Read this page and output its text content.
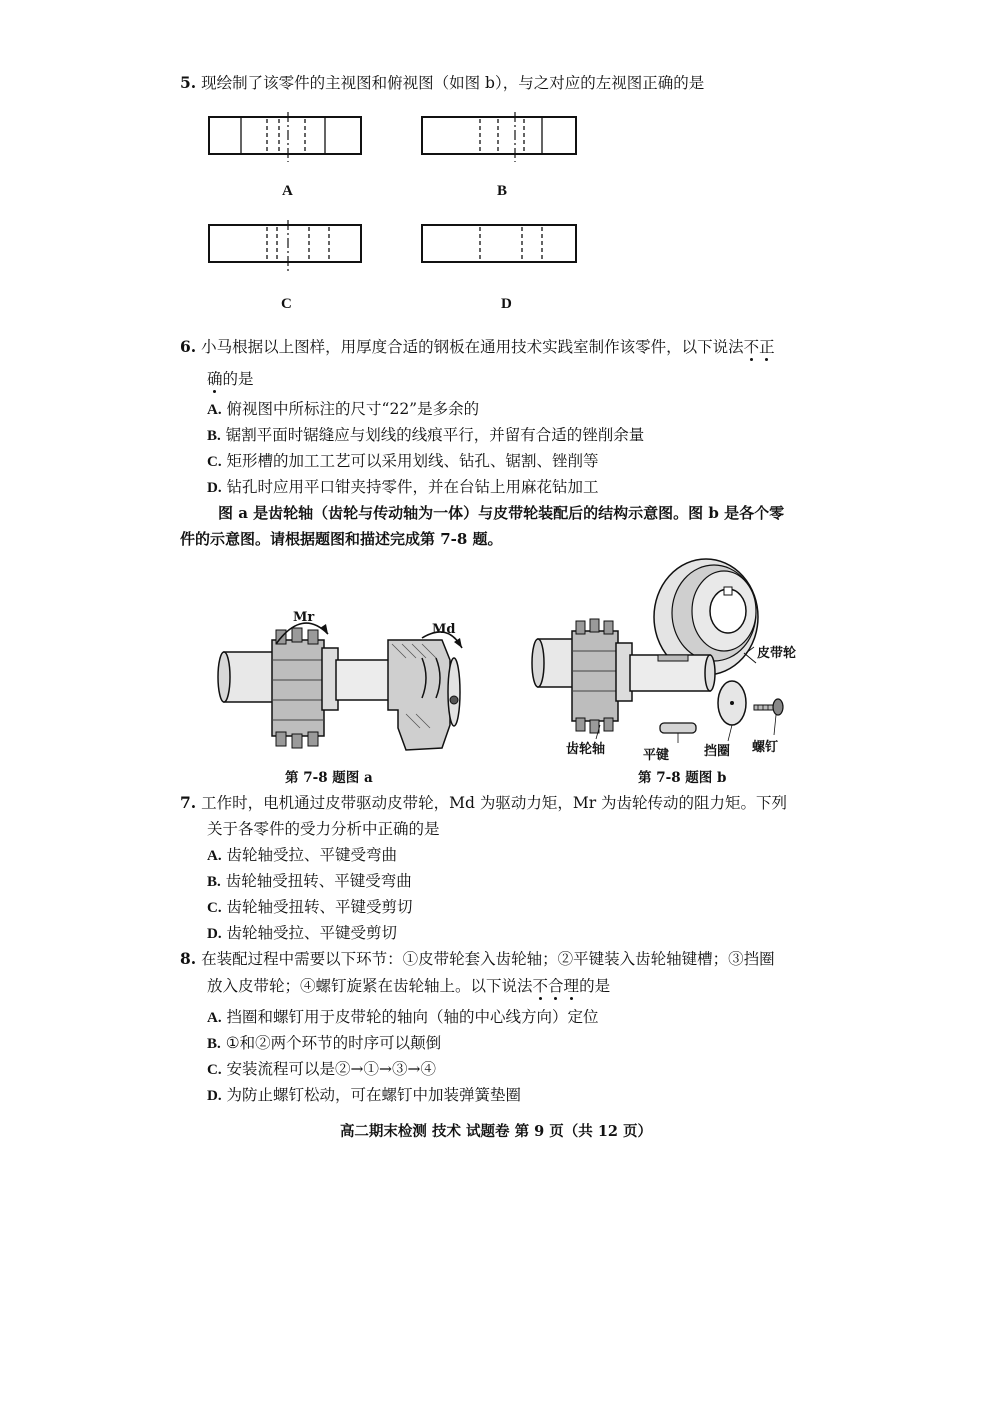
5. 现绘制了该零件的主视图和俯视图（如图 b），与之对应的左视图正确的是
A	B
C	D
6. 小马根据以上图样，用厚度合适的钢板在通用技术实践室制作该零件，以下说法不正
确的是
A. 俯视图中所标注的尺寸“22”是多余的
B. 锯割平面时锯缝应与划线的线痕平行，并留有合适的锉削余量
C. 矩形槽的加工工艺可以采用划线、钻孔、锯割、锉削等
D. 钻孔时应用平口钳夹持零件，并在台钻上用麻花钻加工
图 a 是齿轮轴（齿轮与传动轴为一体）与皮带轮装配后的结构示意图。图 b 是各个零
件的示意图。请根据题图和描述完成第 7-8 题。
Mr
Md
第 7-8 题图 a
皮带轮
齿轮轴	平键	挡圈 螺钉
第 7-8 题图 b
7. 工作时，电机通过皮带驱动皮带轮，Md 为驱动力矩，Mr 为齿轮传动的阻力矩。下列
关于各零件的受力分析中正确的是
A. 齿轮轴受拉、平键受弯曲
B. 齿轮轴受扭转、平键受弯曲
C. 齿轮轴受扭转、平键受剪切
D. 齿轮轴受拉、平键受剪切
8. 在装配过程中需要以下环节：①皮带轮套入齿轮轴；②平键装入齿轮轴键槽；③挡圈
放入皮带轮；④螺钉旋紧在齿轮轴上。以下说法不合理的是
A. 挡圈和螺钉用于皮带轮的轴向（轴的中心线方向）定位
B. ①和②两个环节的时序可以颠倒
C. 安装流程可以是②→①→③→④
D. 为防止螺钉松动，可在螺钉中加装弹簧垫圈
高二期末检测 技术 试题卷 第 9 页（共 12 页）
